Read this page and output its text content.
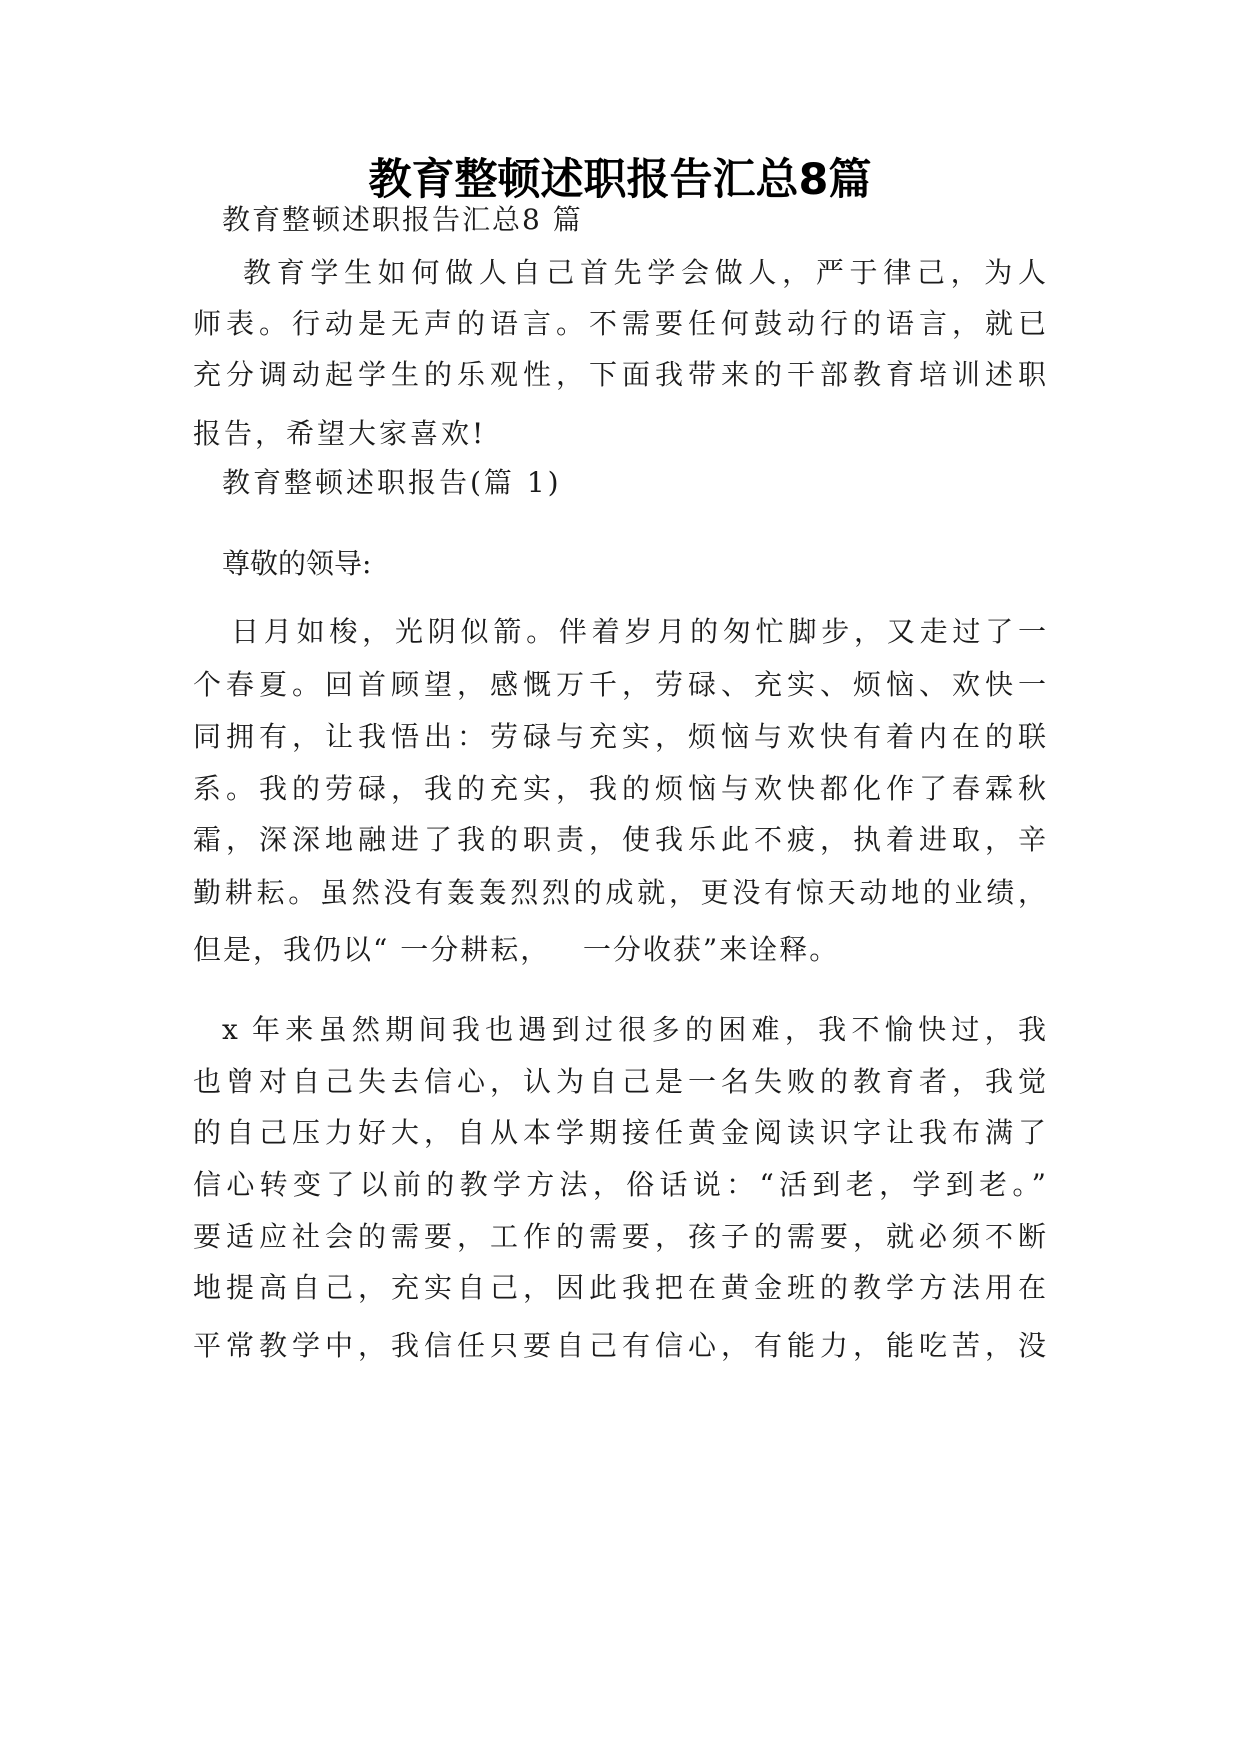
教育整顿述职报告汇总8篇
教育整顿述职报告汇总8 篇
教育学生如何做人自己首先学会做人，严于律己，为人
师表。行动是无声的语言。不需要任何鼓动行的语言，就已
充分调动起学生的乐观性，下面我带来的干部教育培训述职
报告，希望大家喜欢!
教育整顿述职报告(篇 1)
尊敬的领导:
日月如梭，光阴似箭。伴着岁月的匆忙脚步，又走过了一
个春夏。回首顾望，感慨万千，劳碌、充实、烦恼、欢快一
同拥有，让我悟出：劳碌与充实，烦恼与欢快有着内在的联
系。我的劳碌，我的充实，我的烦恼与欢快都化作了春霖秋
霜，深深地融进了我的职责，使我乐此不疲，执着进取，辛
勤耕耘。虽然没有轰轰烈烈的成就，更没有惊天动地的业绩，
但是，我仍以“ 一分耕耘，   一分收获”来诠释。
x 年来虽然期间我也遇到过很多的困难，我不愉快过，我
也曾对自己失去信心，认为自己是一名失败的教育者，我觉
的自己压力好大，自从本学期接任黄金阅读识字让我布满了
信心转变了以前的教学方法，俗话说：“活到老，学到老。”
要适应社会的需要，工作的需要，孩子的需要，就必须不断
地提高自己，充实自己，因此我把在黄金班的教学方法用在
平常教学中，我信任只要自己有信心，有能力，能吃苦，没
